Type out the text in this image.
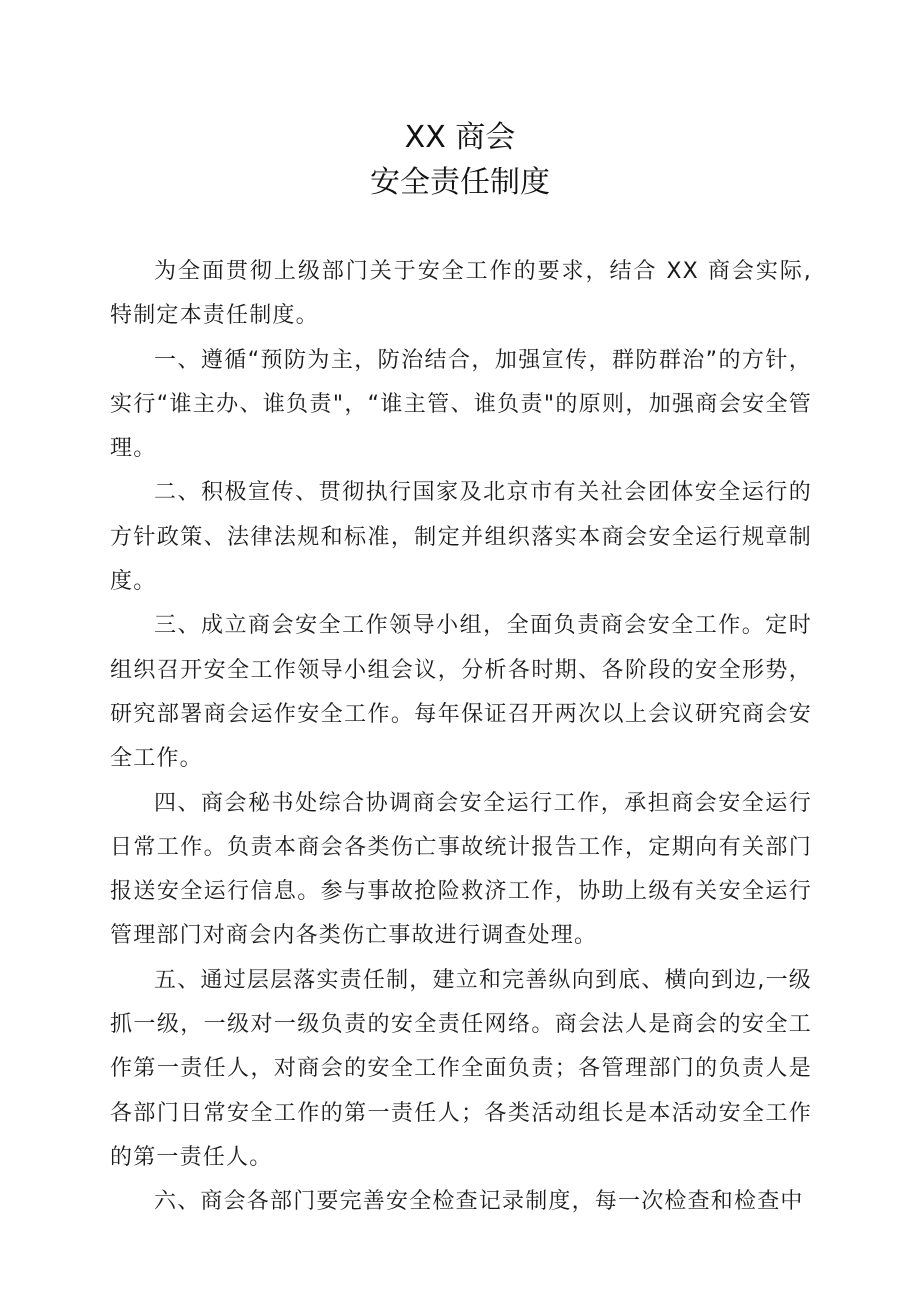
XX 商会
安全责任制度

为全面贯彻上级部门关于安全工作的要求，结合 XX 商会实际,特制定本责任制度。

一、遵循“预防为主，防治结合，加强宣传，群防群治”的方针，实行“谁主办、谁负责"，“谁主管、谁负责"的原则，加强商会安全管理。

二、积极宣传、贯彻执行国家及北京市有关社会团体安全运行的方针政策、法律法规和标准，制定并组织落实本商会安全运行规章制度。

三、成立商会安全工作领导小组，全面负责商会安全工作。定时组织召开安全工作领导小组会议，分析各时期、各阶段的安全形势，研究部署商会运作安全工作。每年保证召开两次以上会议研究商会安全工作。

四、商会秘书处综合协调商会安全运行工作，承担商会安全运行日常工作。负责本商会各类伤亡事故统计报告工作，定期向有关部门报送安全运行信息。参与事故抢险救济工作，协助上级有关安全运行管理部门对商会内各类伤亡事故进行调查处理。

五、通过层层落实责任制，建立和完善纵向到底、横向到边,一级抓一级，一级对一级负责的安全责任网络。商会法人是商会的安全工作第一责任人，对商会的安全工作全面负责；各管理部门的负责人是各部门日常安全工作的第一责任人；各类活动组长是本活动安全工作的第一责任人。

六、商会各部门要完善安全检查记录制度，每一次检查和检查中
